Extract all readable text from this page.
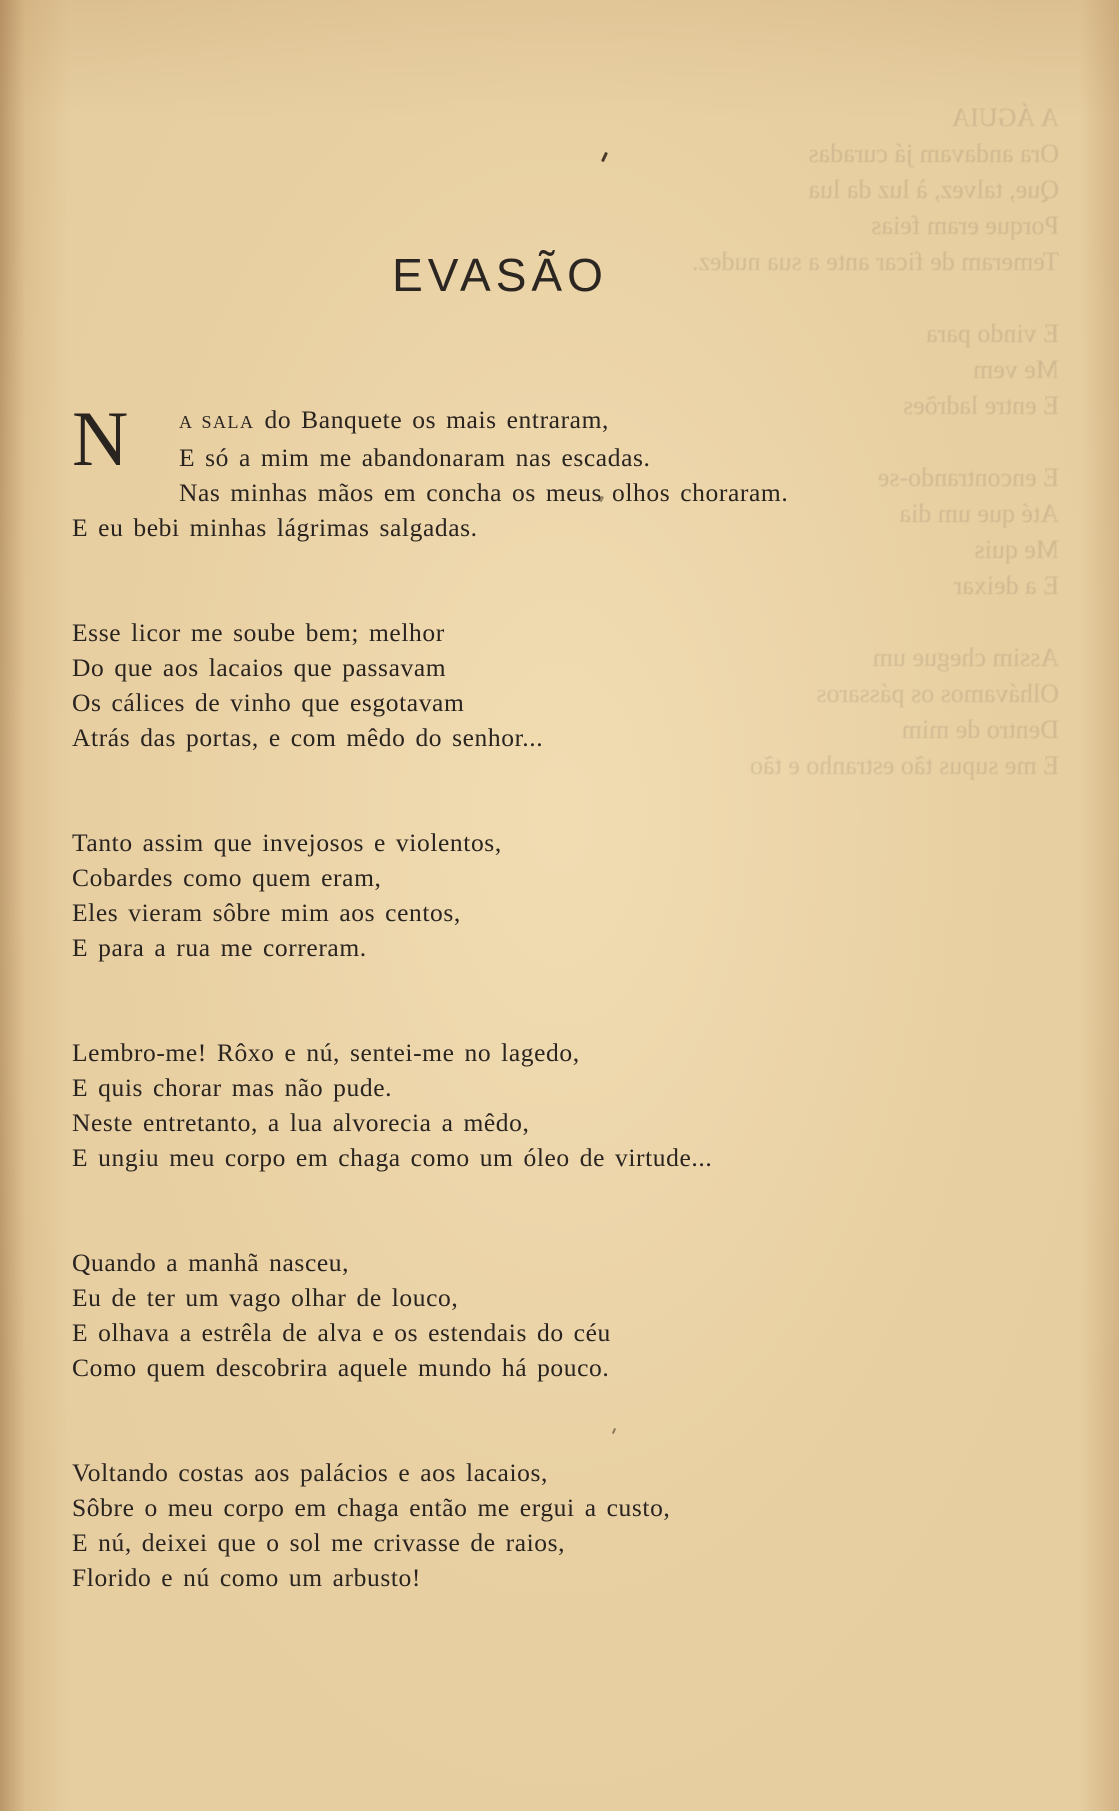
A ÁGUIA
Ora andavam já curadas
Que, talvez, à luz da lua
Porque eram feias
Temeram de ficar ante a sua nudez.

E vindo para
Me vem
E entre ladrões

E encontrando-se
Até que um dia
Me quis
E a deixar

Assim chegue um
Olhávamos os pássaros
Dentro de mim
E me supus tão estranho e tão
EVASÃO
N	A SALA do Banquete os mais entraram,
E só a mim me abandonaram nas escadas.
Nas minhas mãos em concha os meus olhos choraram.
E eu bebi minhas lágrimas salgadas.
Esse licor me soube bem; melhor
Do que aos lacaios que passavam
Os cálices de vinho que esgotavam
Atrás das portas, e com mêdo do senhor...
Tanto assim que invejosos e violentos,
Cobardes como quem eram,
Eles vieram sôbre mim aos centos,
E para a rua me correram.
Lembro-me! Rôxo e nú, sentei-me no lagedo,
E quis chorar mas não pude.
Neste entretanto, a lua alvorecia a mêdo,
E ungiu meu corpo em chaga como um óleo de virtude...
Quando a manhã nasceu,
Eu de ter um vago olhar de louco,
E olhava a estrêla de alva e os estendais do céu
Como quem descobrira aquele mundo há pouco.
Voltando costas aos palácios e aos lacaios,
Sôbre o meu corpo em chaga então me ergui a custo,
E nú, deixei que o sol me crivasse de raios,
Florido e nú como um arbusto!
